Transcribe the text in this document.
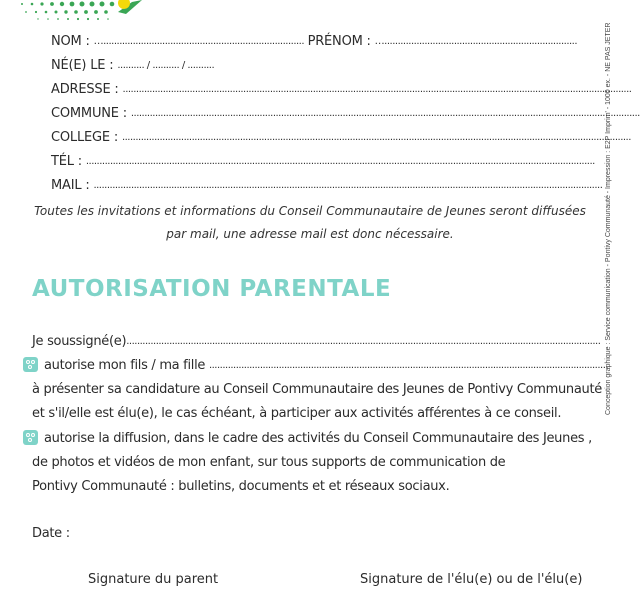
NOM : …........................................................................... PRÉNOM : …........................................................................
NÉ(E) LE : .......... / .......... / ..........
ADRESSE : ..............................................................................................................................................................................................
COMMUNE : ..............................................................................................................................................................................................
COLLEGE : ..............................................................................................................................................................................................
TÉL : ..............................................................................................................................................................................................
MAIL : ..............................................................................................................................................................................................
Toutes les invitations et informations du Conseil Communautaire de Jeunes seront diffusées
par mail, une adresse mail est donc nécessaire.
AUTORISATION PARENTALE
Je soussigné(e).................................................................................................................................................................................
autorise mon fils / ma fille .....................................................................................................................................................
à présenter sa candidature au Conseil Communautaire des Jeunes de Pontivy Communauté
et s'il/elle est élu(e), le cas échéant, à participer aux activités afférentes à ce conseil.
autorise la diffusion, dans le cadre des activités du Conseil Communautaire des Jeunes ,
de photos et vidéos de mon enfant, sur tous supports de communication de
Pontivy Communauté : bulletins, documents et et réseaux sociaux.
Date :
Signature du parent	Signature de l'élu(e) ou de l'élu(e)
Conception graphique : Service communication - Pontivy Communauté - Impression : E2P Imprim' - 1000 ex. - NE PAS JETER
